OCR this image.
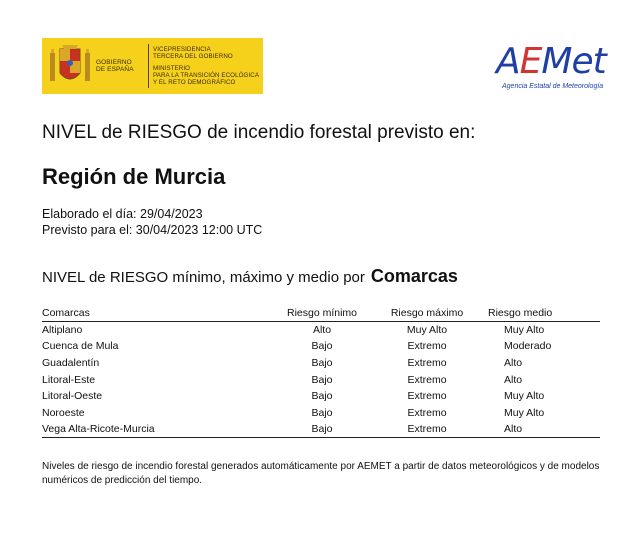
GOBIERNO
DE ESPAÑA
VICEPRESIDENCIA
TERCERA DEL GOBIERNO
MINISTERIO
PARA LA TRANSICIÓN ECOLÓGICA
Y EL RETO DEMOGRÁFICO
AEMet
Agencia Estatal de Meteorología
NIVEL de RIESGO de incendio forestal previsto en:
Región de Murcia
Elaborado el día: 29/04/2023
Previsto para el: 30/04/2023 12:00 UTC
NIVEL de RIESGO mínimo, máximo y medio por Comarcas
Comarcas	Riesgo mínimo	Riesgo máximo	Riesgo medio
Altiplano	Alto	Muy Alto	Muy Alto
Cuenca de Mula	Bajo	Extremo	Moderado
Guadalentín	Bajo	Extremo	Alto
Litoral-Este	Bajo	Extremo	Alto
Litoral-Oeste	Bajo	Extremo	Muy Alto
Noroeste	Bajo	Extremo	Muy Alto
Vega Alta-Ricote-Murcia	Bajo	Extremo	Alto
Niveles de riesgo de incendio forestal generados automáticamente por AEMET a partir de datos meteorológicos y de modelos numéricos de predicción del tiempo.
